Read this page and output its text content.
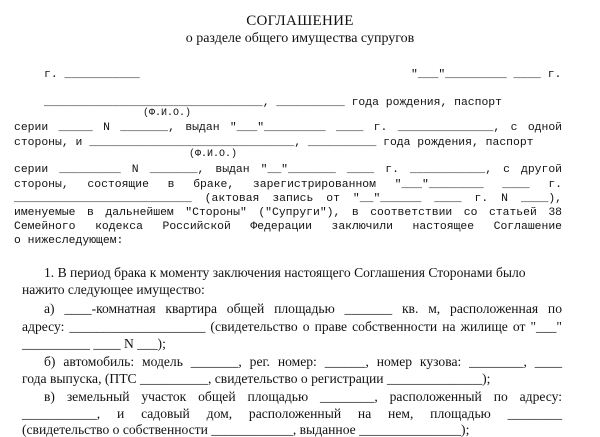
СОГЛАШЕНИЕ
о разделе общего имущества супругов
г. ___________	"___"_________ ____ г.
________________________________, __________ года рождения, паспорт
(Ф.И.О.)
серии _____ N _______, выдан "___"_________ ____ г. ______________, с одной
стороны, и ______________________________, __________ года рождения, паспорт
(Ф.И.О.)
серии _________ N _______, выдан "__"_______ ____ г. ___________, с другой
стороны, состоящие в браке, зарегистрированном "___"________ ____ г.
__________________________ (актовая запись от "__"______ ____ г. N ____),
именуемые в дальнейшем "Стороны" ("Супруги"), в соответствии со статьей 38
Семейного кодекса Российской Федерации заключили настоящее Соглашение
о нижеследующем:
1. В период брака к моменту заключения настоящего Соглашения Сторонами было
нажито следующее имущество:
а) ____-комнатная квартира общей площадью _______ кв. м, расположенная по
адресу: ____________________ (свидетельство о праве собственности на жилище от "___"
__________ ____ N ___);
б) автомобиль: модель _______, рег. номер: ______, номер кузова: ________, ____
года выпуска, (ПТС __________, свидетельство о регистрации ______________);
в) земельный участок общей площадью ________, расположенный по адресу:
___________, и садовый дом, расположенный на нем, площадью ________
(свидетельство о собственности ____________, выданное _______________);
